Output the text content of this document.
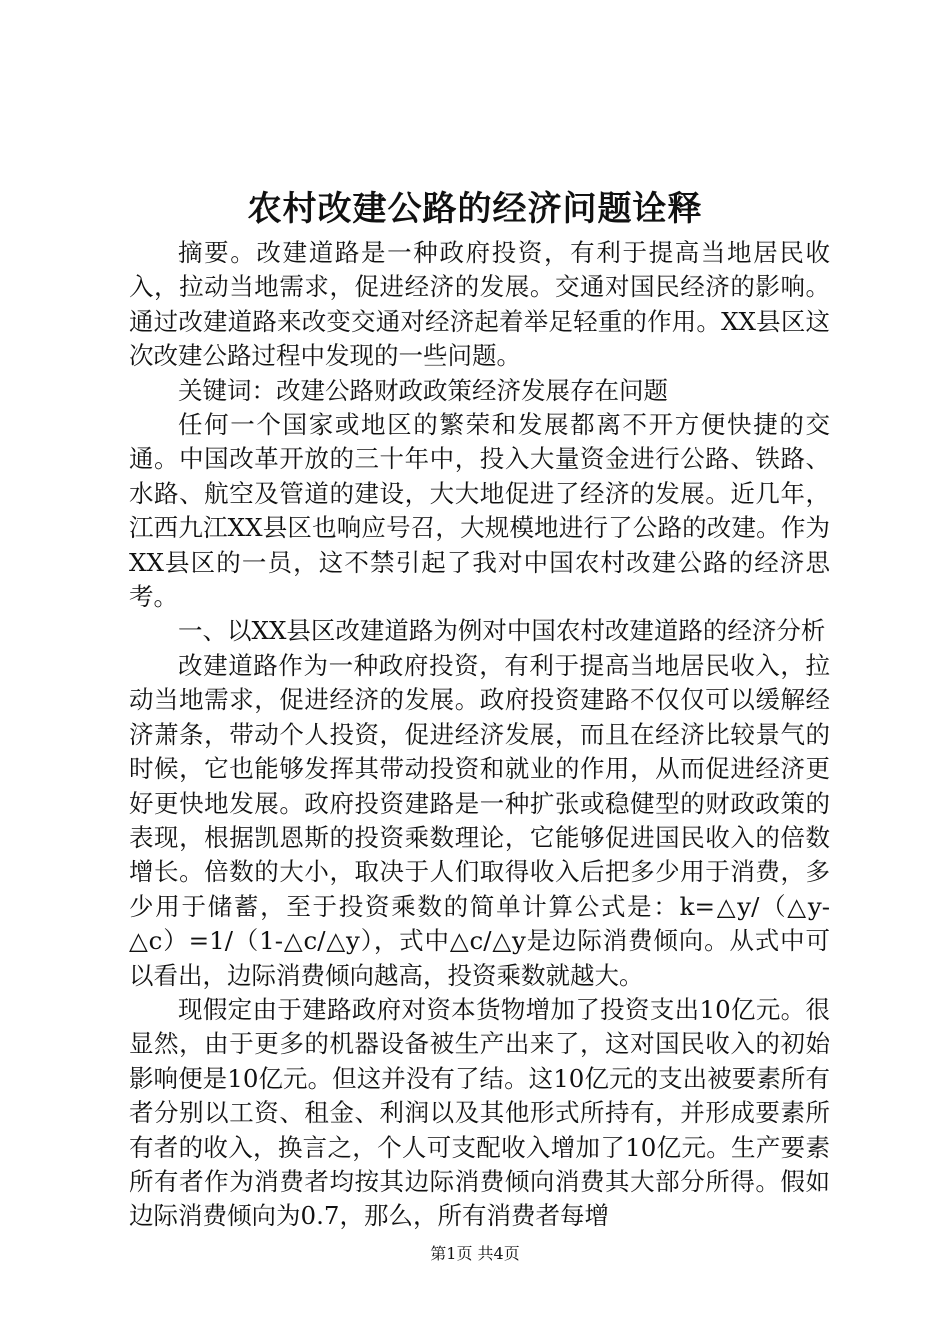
农村改建公路的经济问题诠释

摘要。改建道路是一种政府投资，有利于提高当地居民收入，拉动当地需求，促进经济的发展。交通对国民经济的影响。通过改建道路来改变交通对经济起着举足轻重的作用。XX县区这次改建公路过程中发现的一些问题。

关键词：改建公路财政政策经济发展存在问题

任何一个国家或地区的繁荣和发展都离不开方便快捷的交通。中国改革开放的三十年中，投入大量资金进行公路、铁路、水路、航空及管道的建设，大大地促进了经济的发展。近几年，江西九江XX县区也响应号召，大规模地进行了公路的改建。作为XX县区的一员，这不禁引起了我对中国农村改建公路的经济思考。

一、以XX县区改建道路为例对中国农村改建道路的经济分析

改建道路作为一种政府投资，有利于提高当地居民收入，拉动当地需求，促进经济的发展。政府投资建路不仅仅可以缓解经济萧条，带动个人投资，促进经济发展，而且在经济比较景气的时候，它也能够发挥其带动投资和就业的作用，从而促进经济更好更快地发展。政府投资建路是一种扩张或稳健型的财政政策的表现，根据凯恩斯的投资乘数理论，它能够促进国民收入的倍数增长。倍数的大小，取决于人们取得收入后把多少用于消费，多少用于储蓄，至于投资乘数的简单计算公式是：k=△y/（△y-△c）=1/（1-△c/△y），式中△c/△y是边际消费倾向。从式中可以看出，边际消费倾向越高，投资乘数就越大。

现假定由于建路政府对资本货物增加了投资支出10亿元。很显然，由于更多的机器设备被生产出来了，这对国民收入的初始影响便是10亿元。但这并没有了结。这10亿元的支出被要素所有者分别以工资、租金、利润以及其他形式所持有，并形成要素所有者的收入，换言之，个人可支配收入增加了10亿元。生产要素所有者作为消费者均按其边际消费倾向消费其大部分所得。假如边际消费倾向为0.7，那么，所有消费者每增

第1页 共4页
